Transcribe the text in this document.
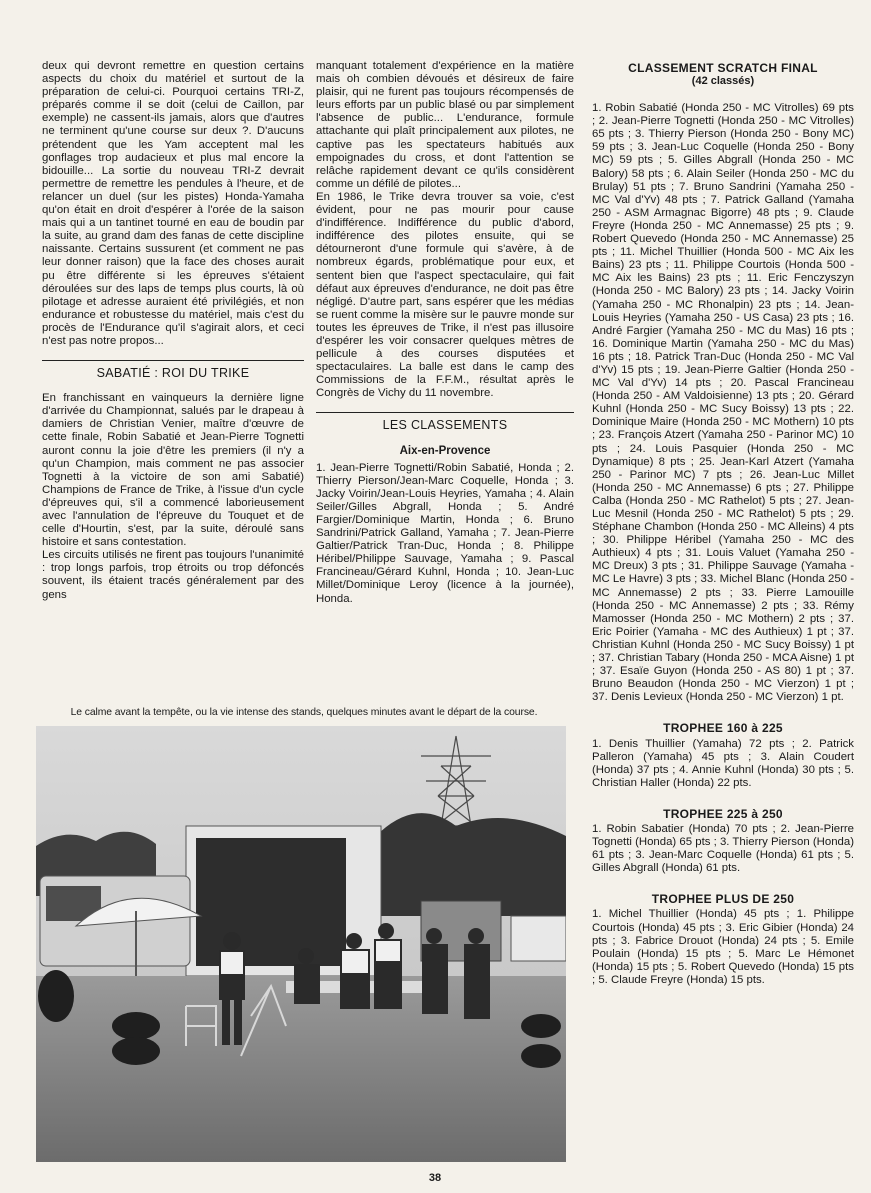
deux qui devront remettre en question certains aspects du choix du matériel et surtout de la préparation de celui-ci. Pourquoi certains TRI-Z, préparés comme il se doit (celui de Caillon, par exemple) ne cassent-ils jamais, alors que d'autres ne terminent qu'une course sur deux ?. D'aucuns prétendent que les Yam acceptent mal les gonflages trop audacieux et plus mal encore la bidouille... La sortie du nouveau TRI-Z devrait permettre de remettre les pendules à l'heure, et de relancer un duel (sur les pistes) Honda-Yamaha qu'on était en droit d'espérer à l'orée de la saison mais qui a un tantinet tourné en eau de boudin par la suite, au grand dam des fanas de cette discipline naissante. Certains sussurent (et comment ne pas leur donner raison) que la face des choses aurait pu être différente si les épreuves s'étaient déroulées sur des laps de temps plus courts, là où pilotage et adresse auraient été privilégiés, et non endurance et robustesse du matériel, mais c'est du procès de l'Endurance qu'il s'agirait alors, et ceci n'est pas notre propos...

SABATIÉ : ROI DU TRIKE

En franchissant en vainqueurs la dernière ligne d'arrivée du Championnat, salués par le drapeau à damiers de Christian Venier, maître d'œuvre de cette finale, Robin Sabatié et Jean-Pierre Tognetti auront connu la joie d'être les premiers (il n'y a qu'un Champion, mais comment ne pas associer Tognetti à la victoire de son ami Sabatié) Champions de France de Trike, à l'issue d'un cycle d'épreuves qui, s'il a commencé laborieusement avec l'annulation de l'épreuve du Touquet et de celle d'Hourtin, s'est, par la suite, déroulé sans histoire et sans contestation.

Les circuits utilisés ne firent pas toujours l'unanimité : trop longs parfois, trop étroits ou trop défoncés souvent, ils étaient tracés généralement par des gens

manquant totalement d'expérience en la matière mais oh combien dévoués et désireux de faire plaisir, qui ne furent pas toujours récompensés de leurs efforts par un public blasé ou par simplement l'absence de public... L'endurance, formule attachante qui plaît principalement aux pilotes, ne captive pas les spectateurs habitués aux empoignades du cross, et dont l'attention se relâche rapidement devant ce qu'ils considèrent comme un défilé de pilotes...

En 1986, le Trike devra trouver sa voie, c'est évident, pour ne pas mourir pour cause d'indifférence. Indifférence du public d'abord, indifférence des pilotes ensuite, qui se détourneront d'une formule qui s'avère, à de nombreux égards, problématique pour eux, et sentent bien que l'aspect spectaculaire, qui fait défaut aux épreuves d'endurance, ne doit pas être négligé. D'autre part, sans espérer que les médias se ruent comme la misère sur le pauvre monde sur toutes les épreuves de Trike, il n'est pas illusoire d'espérer les voir consacrer quelques mètres de pellicule à des courses disputées et spectaculaires. La balle est dans le camp des Commissions de la F.F.M., résultat après le Congrès de Vichy du 11 novembre.

LES CLASSEMENTS
Aix-en-Provence

1. Jean-Pierre Tognetti/Robin Sabatié, Honda ; 2. Thierry Pierson/Jean-Marc Coquelle, Honda ; 3. Jacky Voirin/Jean-Louis Heyries, Yamaha ; 4. Alain Seiler/Gilles Abgrall, Honda ; 5. André Fargier/Dominique Martin, Honda ; 6. Bruno Sandrini/Patrick Galland, Yamaha ; 7. Jean-Pierre Galtier/Patrick Tran-Duc, Honda ; 8. Philippe Héribel/Philippe Sauvage, Yamaha ; 9. Pascal Francineau/Gérard Kuhnl, Honda ; 10. Jean-Luc Millet/Dominique Leroy (licence à la journée), Honda.

Le calme avant la tempête, ou la vie intense des stands, quelques minutes avant le départ de la course.
CLASSEMENT SCRATCH FINAL
(42 classés)

1. Robin Sabatié (Honda 250 - MC Vitrolles) 69 pts ; 2. Jean-Pierre Tognetti (Honda 250 - MC Vitrolles) 65 pts ; 3. Thierry Pierson (Honda 250 - Bony MC) 59 pts ; 3. Jean-Luc Coquelle (Honda 250 - Bony MC) 59 pts ; 5. Gilles Abgrall (Honda 250 - MC Balory) 58 pts ; 6. Alain Seiler (Honda 250 - MC du Brulay) 51 pts ; 7. Bruno Sandrini (Yamaha 250 - MC Val d'Yv) 48 pts ; 7. Patrick Galland (Yamaha 250 - ASM Armagnac Bigorre) 48 pts ; 9. Claude Freyre (Honda 250 - MC Annemasse) 25 pts ; 9. Robert Quevedo (Honda 250 - MC Annemasse) 25 pts ; 11. Michel Thuillier (Honda 500 - MC Aix les Bains) 23 pts ; 11. Philippe Courtois (Honda 500 - MC Aix les Bains) 23 pts ; 11. Eric Fenczyszyn (Honda 250 - MC Balory) 23 pts ; 14. Jacky Voirin (Yamaha 250 - MC Rhonalpin) 23 pts ; 14. Jean-Louis Heyries (Yamaha 250 - US Casa) 23 pts ; 16. André Fargier (Yamaha 250 - MC du Mas) 16 pts ; 16. Dominique Martin (Yamaha 250 - MC du Mas) 16 pts ; 18. Patrick Tran-Duc (Honda 250 - MC Val d'Yv) 15 pts ; 19. Jean-Pierre Galtier (Honda 250 - MC Val d'Yv) 14 pts ; 20. Pascal Francineau (Honda 250 - AM Valdoisienne) 13 pts ; 20. Gérard Kuhnl (Honda 250 - MC Sucy Boissy) 13 pts ; 22. Dominique Maire (Honda 250 - MC Mothern) 10 pts ; 23. François Atzert (Yamaha 250 - Parinor MC) 10 pts ; 24. Louis Pasquier (Honda 250 - MC Dynamique) 8 pts ; 25. Jean-Karl Atzert (Yamaha 250 - Parinor MC) 7 pts ; 26. Jean-Luc Millet (Honda 250 - MC Annemasse) 6 pts ; 27. Philippe Calba (Honda 250 - MC Rathelot) 5 pts ; 27. Jean-Luc Mesnil (Honda 250 - MC Rathelot) 5 pts ; 29. Stéphane Chambon (Honda 250 - MC Alleins) 4 pts ; 30. Philippe Héribel (Yamaha 250 - MC des Authieux) 4 pts ; 31. Louis Valuet (Yamaha 250 - MC Dreux) 3 pts ; 31. Philippe Sauvage (Yamaha - MC Le Havre) 3 pts ; 33. Michel Blanc (Honda 250 - MC Annemasse) 2 pts ; 33. Pierre Lamouille (Honda 250 - MC Annemasse) 2 pts ; 33. Rémy Mamosser (Honda 250 - MC Mothern) 2 pts ; 37. Eric Poirier (Yamaha - MC des Authieux) 1 pt ; 37. Christian Kuhnl (Honda 250 - MC Sucy Boissy) 1 pt ; 37. Christian Tabary (Honda 250 - MCA Aisne) 1 pt ; 37. Esaïe Guyon (Honda 250 - AS 80) 1 pt ; 37. Bruno Beaudon (Honda 250 - MC Vierzon) 1 pt ; 37. Denis Levieux (Honda 250 - MC Vierzon) 1 pt.

TROPHEE 160 à 225

1. Denis Thuillier (Yamaha) 72 pts ; 2. Patrick Palleron (Yamaha) 45 pts ; 3. Alain Coudert (Honda) 37 pts ; 4. Annie Kuhnl (Honda) 30 pts ; 5. Christian Haller (Honda) 22 pts.

TROPHEE 225 à 250

1. Robin Sabatier (Honda) 70 pts ; 2. Jean-Pierre Tognetti (Honda) 65 pts ; 3. Thierry Pierson (Honda) 61 pts ; 3. Jean-Marc Coquelle (Honda) 61 pts ; 5. Gilles Abgrall (Honda) 61 pts.

TROPHEE PLUS DE 250

1. Michel Thuillier (Honda) 45 pts ; 1. Philippe Courtois (Honda) 45 pts ; 3. Eric Gibier (Honda) 24 pts ; 3. Fabrice Drouot (Honda) 24 pts ; 5. Emile Poulain (Honda) 15 pts ; 5. Marc Le Hémonet (Honda) 15 pts ; 5. Robert Quevedo (Honda) 15 pts ; 5. Claude Freyre (Honda) 15 pts.

38
